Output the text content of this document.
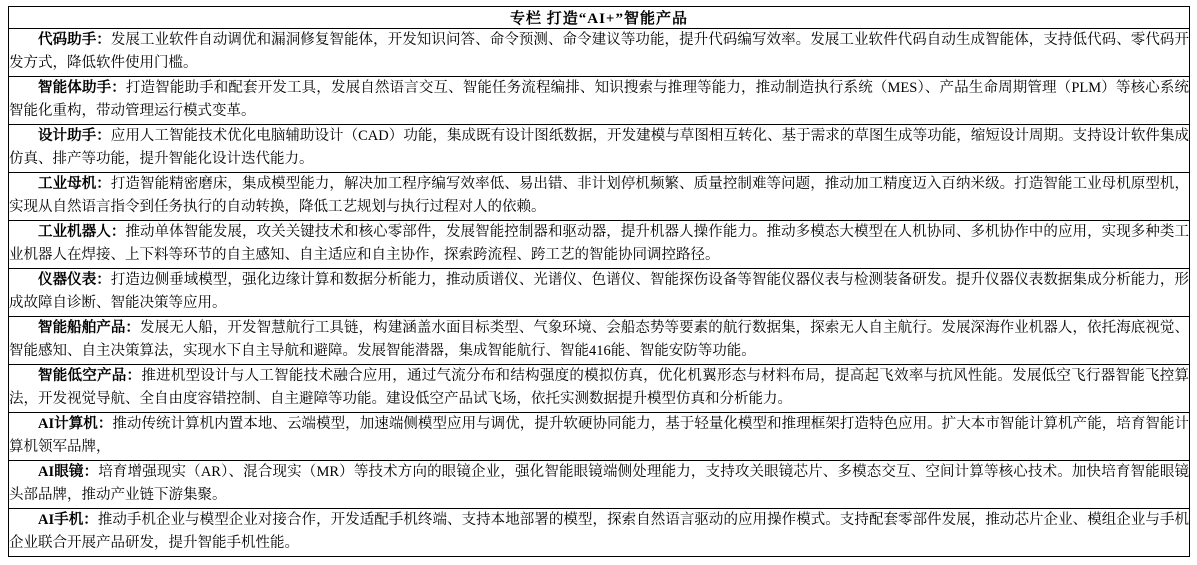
专栏 打造“AI+”智能产品

代码助手：发展工业软件自动调优和漏洞修复智能体，开发知识问答、命令预测、命令建议等功能，提升代码编写效率。发展工业软件代码自动生成智能体，支持低代码、零代码开发方式，降低软件使用门槛。

智能体助手：打造智能助手和配套开发工具，发展自然语言交互、智能任务流程编排、知识搜索与推理等能力，推动制造执行系统（MES）、产品生命周期管理（PLM）等核心系统智能化重构，带动管理运行模式变革。

设计助手：应用人工智能技术优化电脑辅助设计（CAD）功能，集成既有设计图纸数据，开发建模与草图相互转化、基于需求的草图生成等功能，缩短设计周期。支持设计软件集成仿真、排产等功能，提升智能化设计迭代能力。

工业母机：打造智能精密磨床，集成模型能力，解决加工程序编写效率低、易出错、非计划停机频繁、质量控制难等问题，推动加工精度迈入百纳米级。打造智能工业母机原型机，实现从自然语言指令到任务执行的自动转换，降低工艺规划与执行过程对人的依赖。

工业机器人：推动单体智能发展，攻关关键技术和核心零部件，发展智能控制器和驱动器，提升机器人操作能力。推动多模态大模型在人机协同、多机协作中的应用，实现多种类工业机器人在焊接、上下料等环节的自主感知、自主适应和自主协作，探索跨流程、跨工艺的智能协同调控路径。

仪器仪表：打造边侧垂域模型，强化边缘计算和数据分析能力，推动质谱仪、光谱仪、色谱仪、智能探伤设备等智能仪器仪表与检测装备研发。提升仪器仪表数据集成分析能力，形成故障自诊断、智能决策等应用。

智能船舶产品：发展无人船，开发智慧航行工具链，构建涵盖水面目标类型、气象环境、会船态势等要素的航行数据集，探索无人自主航行。发展深海作业机器人，依托海底视觉、智能感知、自主决策算法，实现水下自主导航和避障。发展智能潜器，集成智能航行、智能416能、智能安防等功能。

智能低空产品：推进机型设计与人工智能技术融合应用，通过气流分布和结构强度的模拟仿真，优化机翼形态与材料布局，提高起飞效率与抗风性能。发展低空飞行器智能飞控算法，开发视觉导航、全自由度容错控制、自主避障等功能。建设低空产品试飞场，依托实测数据提升模型仿真和分析能力。

AI计算机：推动传统计算机内置本地、云端模型，加速端侧模型应用与调优，提升软硬协同能力，基于轻量化模型和推理框架打造特色应用。扩大本市智能计算机产能，培育智能计算机领军品牌，

AI眼镜：培育增强现实（AR）、混合现实（MR）等技术方向的眼镜企业，强化智能眼镜端侧处理能力，支持攻关眼镜芯片、多模态交互、空间计算等核心技术。加快培育智能眼镜头部品牌，推动产业链下游集聚。

AI手机：推动手机企业与模型企业对接合作，开发适配手机终端、支持本地部署的模型，探索自然语言驱动的应用操作模式。支持配套零部件发展，推动芯片企业、模组企业与手机企业联合开展产品研发，提升智能手机性能。
